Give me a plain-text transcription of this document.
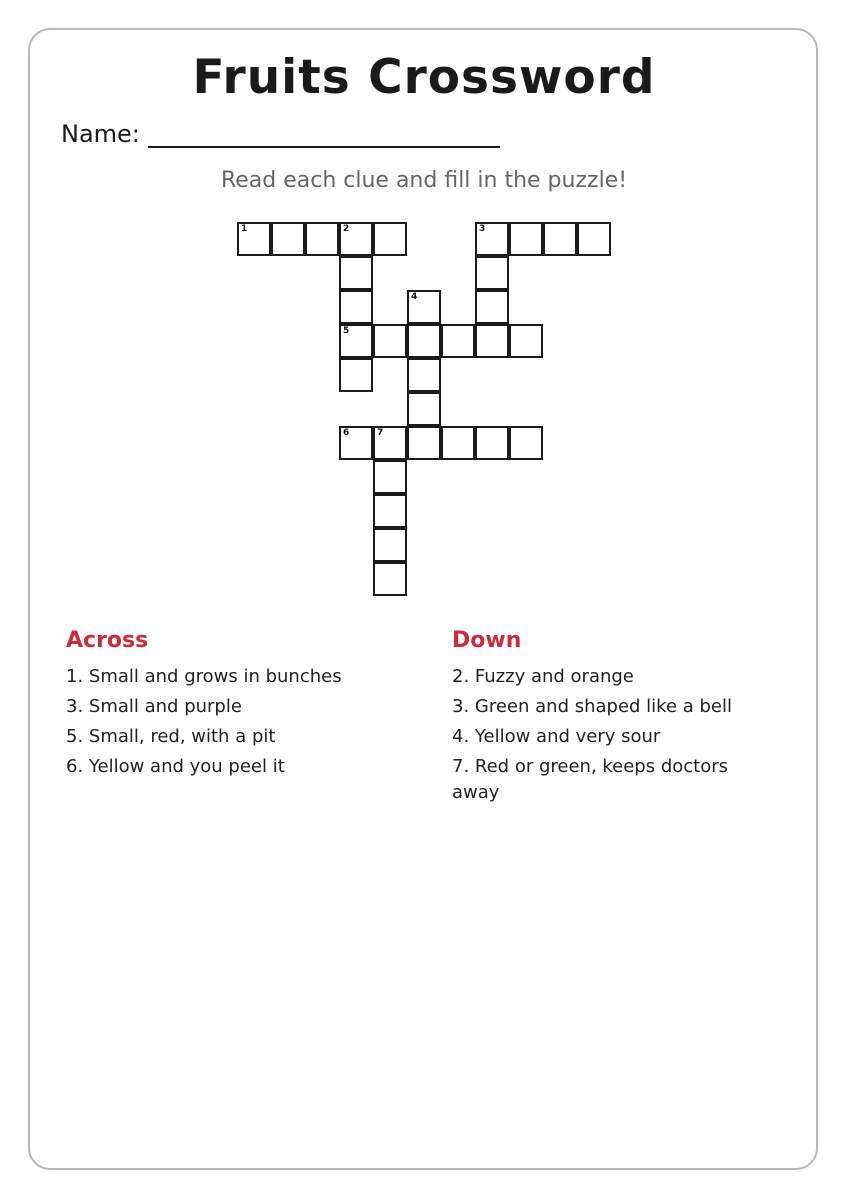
Fruits Crossword
Name:
Read each clue and fill in the puzzle!
1	2	3
4
5
6	7
Across
1. Small and grows in bunches
3. Small and purple
5. Small, red, with a pit
6. Yellow and you peel it
Down
2. Fuzzy and orange
3. Green and shaped like a bell
4. Yellow and very sour
7. Red or green, keeps doctors away
